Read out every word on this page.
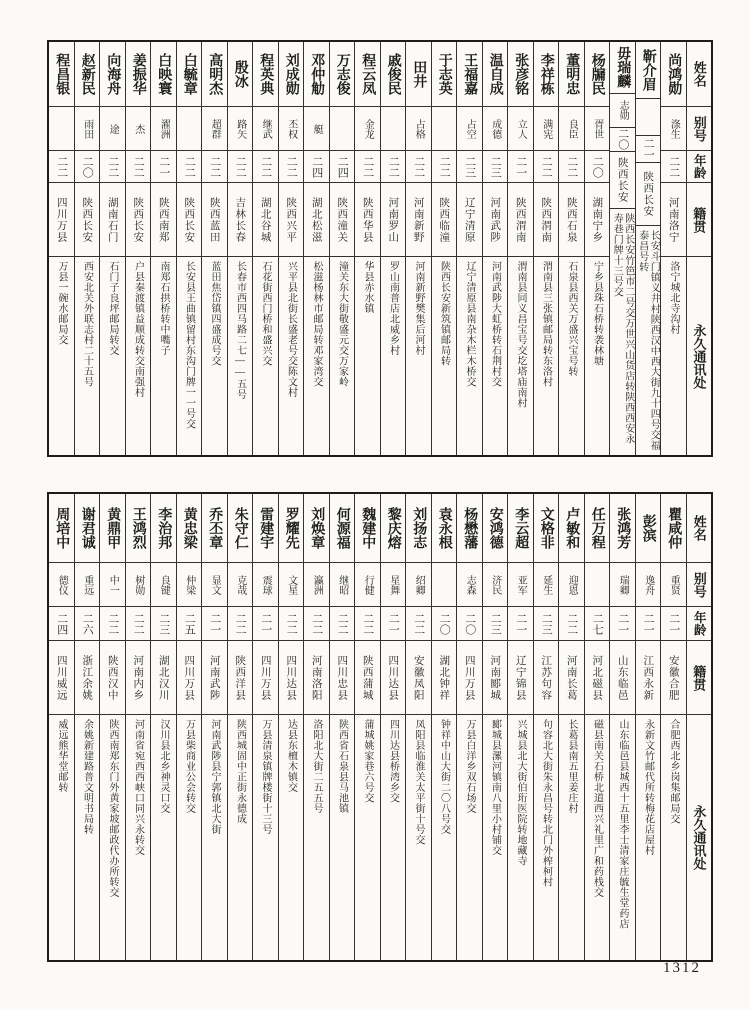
姓名
别号
年龄
籍贯
永久通讯处
尚鸿勋
涤生
二二
河南洛宁
洛宁城北寺沟村
靳介眉
二一
陕西长安
长安斗门镇义井村陕西汉中西大街九十四号交福泰昌号转
毋瑞麟
志勋
二〇
陕西长安
陕西长安竹笆市二号交万世兴山货店转陕西西安永寿巷门牌十三号交
杨牖民
胥世
二〇
湖南宁乡
宁乡县珠石桥转袭林塘
董明忠
良臣
二二
陕西石泉
石泉县西关万盛兴宝号转
李祥栋
满宪
二二
陕西渭南
渭南县三张镇邮局转东洛村
张彦铭
立人
二一
陕西渭南
渭南县同义昌宝号交圪塔庙南村
温自成
成德
二三
河南武陟
河南武陟大虹桥转石荆村交
王福嘉
占空
二三
辽宁清原
辽宁清原县南杂木栏木桥交
于志英
二二
陕西临潼
陕西长安新筑镇邮局转
田井
占格
二二
河南新野
河南新野樊集后河村
戚俊民
二二
河南罗山
罗山南普店北威乡村
程云凤
金龙
二二
陕西华县
华县赤水镇
万志俊
二四
陕西潼关
潼关东大街敬盛元交万家岭
邓仲觔
艇
二四
湖北松滋
松滋杨林市邮局转邓家湾交
刘成勋
丕权
二二
陕西兴平
兴平县北街长盛老号交陈文村
程英典
继武
二二
湖北谷城
石花街西门桥和盛兴交
殷冰
路矢
二二
吉林长春
长春市西四马路二七——五号
高明杰
超群
二二
陕西蓝田
蓝田焦岱镇四盛成号交
白毓章
二二
陕西长安
长安县王曲镇留村东沟门牌一一号交
白映寰
濯洲
二一
陕西南郑
南郑石拱桥转中嘴子
姜振华
杰
二二
陕西长安
户县秦渡镇益顺成转交南强村
向海舟
途
二二
湖南石门
石门子良坪邮局转交
赵新民
雨田
二〇
陕西长安
西安北关外联志村二十五号
程昌银
二二
四川万县
万县一碗水邮局交
姓名
别号
年龄
籍贯
永久通讯处
瞿咸仲
重贤
二一
安徽合肥
合肥西北乡岗集邮局交
彭滨
逸舟
二一
江西永新
永新文竹邮代所转梅花店屋村
张鸿芳
瑞卿
二一
山东临邑
山东临邑县城西十五里李士清家庄毓生堂药店
任万程
二七
河北磁县
磁县南关石桥北道西兴礼里广和药栈交
卢敏和
迎恩
二二
河南长葛
长葛县南五里姜庄村
文格非
延生
二三
江苏句容
句容北大街朱永昌号转北门外榨柯村
李云超
亚军
二一
辽宁锦县
兴城县北大街伯珩医院转地藏寺
安鸿德
济民
二三
河南郾城
郾城县漯河镇南八里小村铺交
杨懋藩
志森
二〇
四川万县
万县白洋乡双石场交
袁永根
二〇
湖北钟祥
钟祥中山大街二〇八号交
刘扬志
绍卿
二二
安徽凤阳
凤阳县临淮关太平街十号交
黎庆熔
星舞
二一
四川达县
四川达县桥湾乡交
魏建中
行健
二二
陕西蒲城
蒲城姚家巷六号交
何源福
继昭
二二
四川忠县
陕西省石泉县马池镇
刘焕章
瀛洲
二二
河南洛阳
洛阳北大街二五五号
罗耀先
文星
二二
四川达县
达县东檀木镇交
雷建宇
震球
二一
四川万县
万县清泉镇牌楼街十三号
朱守仁
克哉
二二
陕西洋县
陕西城固中正街永德成
乔丕章
显文
二一
河南武陟
河南武陟县宁郭镇北大街
黄忠梁
仲梁
二五
四川万县
万县柴商业公会转交
李治邦
良键
二三
湖北汉川
汉川县北乡神灵口交
王鸿烈
树勋
二二
河南内乡
河南省宛西西峡口同兴永转交
黄鼎甲
中一
二二
陕西汉中
陕西南郑东门外黄家坡邮政代办所转交
谢君诚
重远
二六
浙江余姚
余姚新建路普文明书局转
周培中
德仪
二四
四川威远
威远熊华堂邮转
1312
